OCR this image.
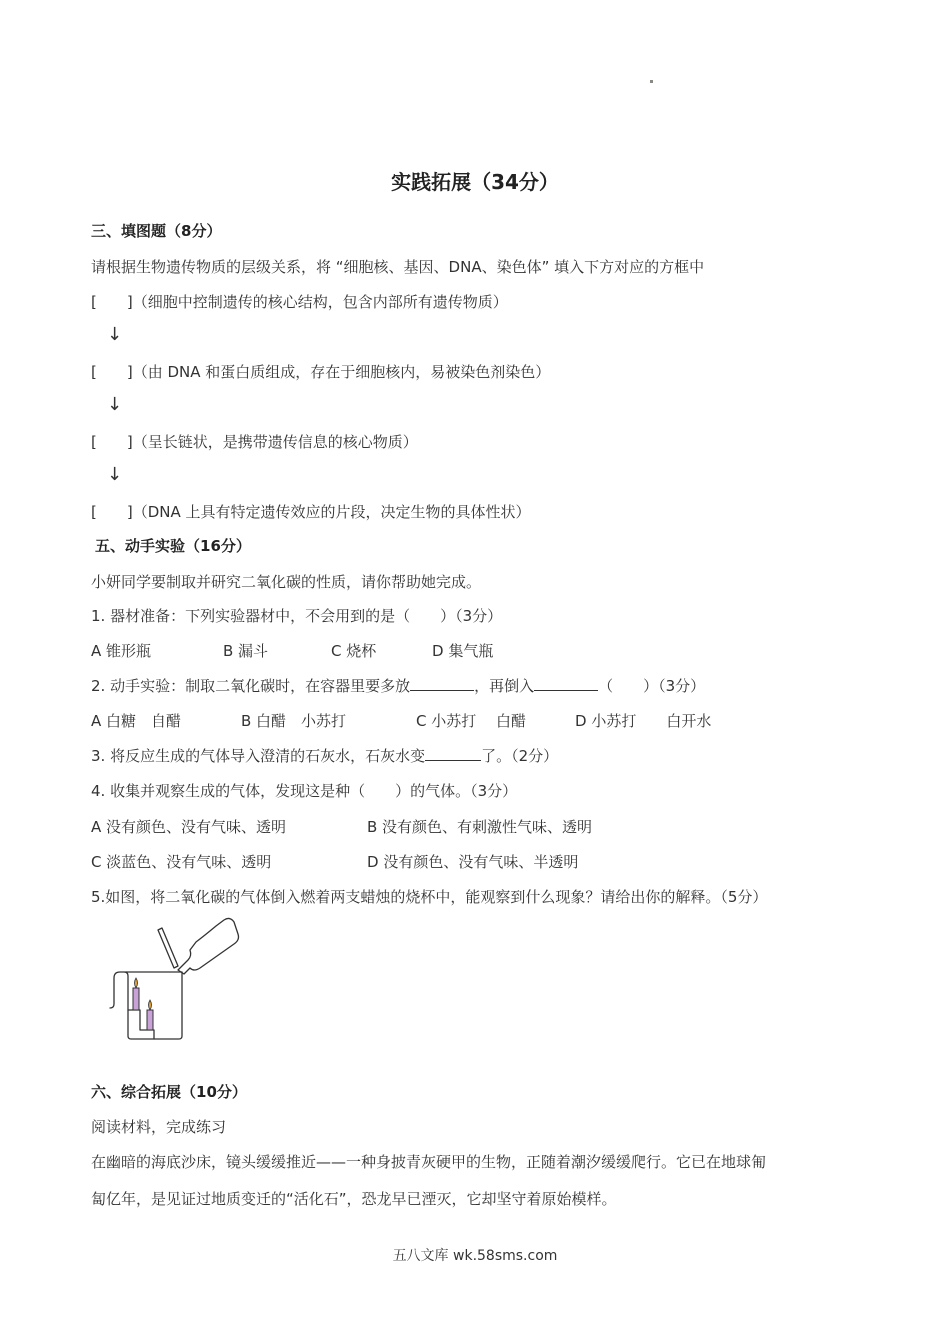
实践拓展（34分）
三、填图题（8分）
请根据生物遗传物质的层级关系，将 “细胞核、基因、DNA、染色体” 填入下方对应的方框中
[　　]（细胞中控制遗传的核心结构，包含内部所有遗传物质）
↓
[　　]（由 DNA 和蛋白质组成，存在于细胞核内，易被染色剂染色）
↓
[　　]（呈长链状，是携带遗传信息的核心物质）
↓
[　　]（DNA 上具有特定遗传效应的片段，决定生物的具体性状）
五、动手实验（16分）
小妍同学要制取并研究二氧化碳的性质，请你帮助她完成。
1. 器材准备：下列实验器材中，不会用到的是（　　）（3分）
A 锥形瓶	B 漏斗	C 烧杯	D 集气瓶
2. 动手实验：制取二氧化碳时，在容器里要多放	，再倒入	（　　）（3分）
A 白糖　自醋	B 白醋　小苏打	C 小苏打　 白醋	D 小苏打　　白开水
3. 将反应生成的气体导入澄清的石灰水，石灰水变	了。（2分）
4. 收集并观察生成的气体，发现这是种（　　）的气体。（3分）
A 没有颜色、没有气味、透明	B 没有颜色、有刺激性气味、透明
C 淡蓝色、没有气味、透明	D 没有颜色、没有气味、半透明
5.如图，将二氧化碳的气体倒入燃着两支蜡烛的烧杯中，能观察到什么现象？请给出你的解释。（5分）
六、综合拓展（10分）
阅读材料，完成练习
在幽暗的海底沙床，镜头缓缓推近——一种身披青灰硬甲的生物，正随着潮汐缓缓爬行。它已在地球匍
匐亿年，是见证过地质变迁的“活化石”，恐龙早已湮灭，它却坚守着原始模样。
五八文库 wk.58sms.com
